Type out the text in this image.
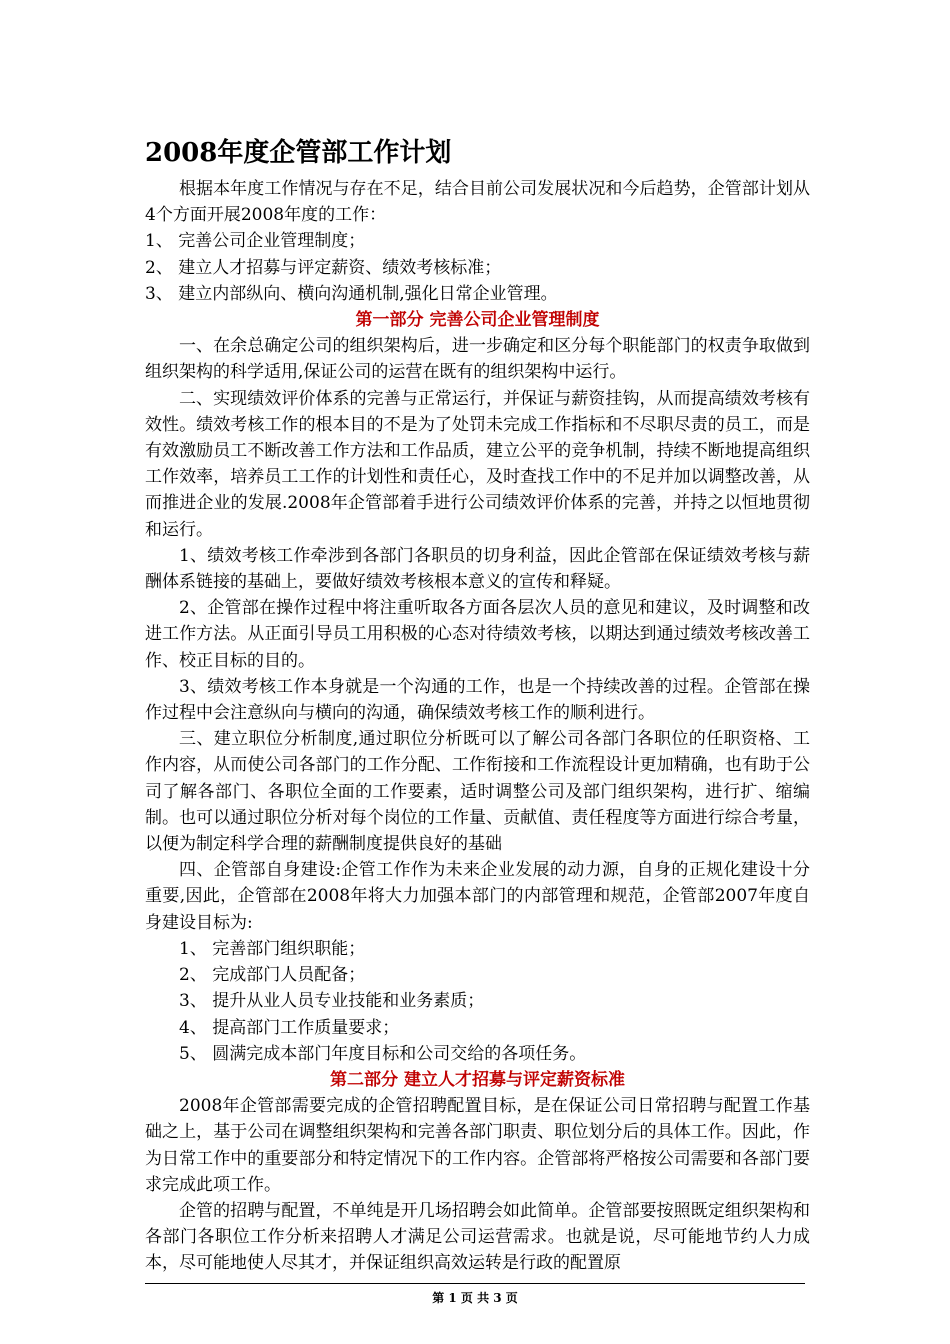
2008年度企管部工作计划

根据本年度工作情况与存在不足，结合目前公司发展状况和今后趋势，企管部计划从4个方面开展2008年度的工作：

1、 完善公司企业管理制度；

2、 建立人才招募与评定薪资、绩效考核标准；

3、 建立内部纵向、横向沟通机制,强化日常企业管理。

第一部分 完善公司企业管理制度

一、在余总确定公司的组织架构后，进一步确定和区分每个职能部门的权责争取做到组织架构的科学适用,保证公司的运营在既有的组织架构中运行。

二、实现绩效评价体系的完善与正常运行，并保证与薪资挂钩，从而提高绩效考核有效性。绩效考核工作的根本目的不是为了处罚未完成工作指标和不尽职尽责的员工，而是有效激励员工不断改善工作方法和工作品质，建立公平的竞争机制，持续不断地提高组织工作效率，培养员工工作的计划性和责任心，及时查找工作中的不足并加以调整改善，从而推进企业的发展.2008年企管部着手进行公司绩效评价体系的完善，并持之以恒地贯彻和运行。

1、绩效考核工作牵涉到各部门各职员的切身利益，因此企管部在保证绩效考核与薪酬体系链接的基础上，要做好绩效考核根本意义的宣传和释疑。

2、企管部在操作过程中将注重听取各方面各层次人员的意见和建议，及时调整和改进工作方法。从正面引导员工用积极的心态对待绩效考核，以期达到通过绩效考核改善工作、校正目标的目的。

3、绩效考核工作本身就是一个沟通的工作，也是一个持续改善的过程。企管部在操作过程中会注意纵向与横向的沟通，确保绩效考核工作的顺利进行。

三、建立职位分析制度,通过职位分析既可以了解公司各部门各职位的任职资格、工作内容，从而使公司各部门的工作分配、工作衔接和工作流程设计更加精确，也有助于公司了解各部门、各职位全面的工作要素，适时调整公司及部门组织架构，进行扩、缩编制。也可以通过职位分析对每个岗位的工作量、贡献值、责任程度等方面进行综合考量，以便为制定科学合理的薪酬制度提供良好的基础

四、企管部自身建设:企管工作作为未来企业发展的动力源，自身的正规化建设十分重要,因此，企管部在2008年将大力加强本部门的内部管理和规范，企管部2007年度自身建设目标为:

1、 完善部门组织职能；

2、 完成部门人员配备；

3、 提升从业人员专业技能和业务素质；

4、 提高部门工作质量要求；

5、 圆满完成本部门年度目标和公司交给的各项任务。

第二部分 建立人才招募与评定薪资标准

2008年企管部需要完成的企管招聘配置目标，是在保证公司日常招聘与配置工作基础之上，基于公司在调整组织架构和完善各部门职责、职位划分后的具体工作。因此，作为日常工作中的重要部分和特定情况下的工作内容。企管部将严格按公司需要和各部门要求完成此项工作。

企管的招聘与配置，不单纯是开几场招聘会如此简单。企管部要按照既定组织架构和各部门各职位工作分析来招聘人才满足公司运营需求。也就是说，尽可能地节约人力成本，尽可能地使人尽其才，并保证组织高效运转是行政的配置原

第 1 页 共 3 页
